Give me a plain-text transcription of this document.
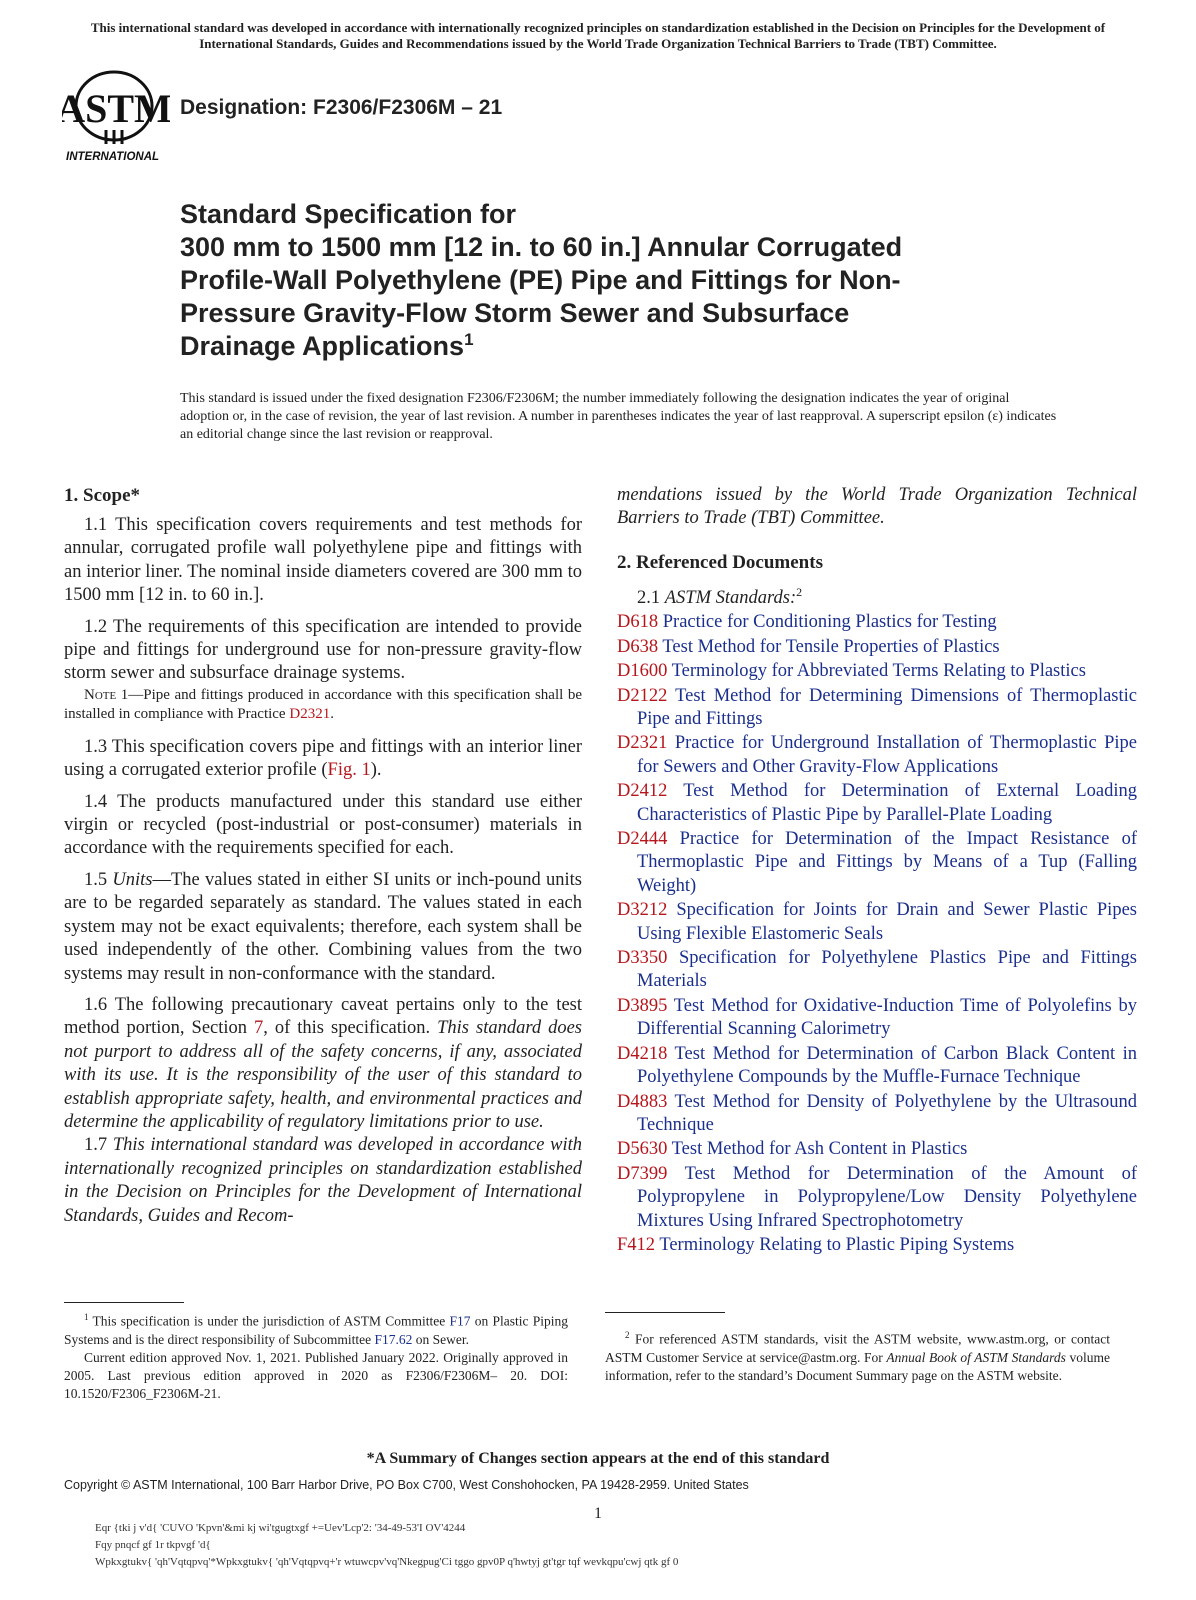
This international standard was developed in accordance with internationally recognized principles on standardization established in the Decision on Principles for the Development of International Standards, Guides and Recommendations issued by the World Trade Organization Technical Barriers to Trade (TBT) Committee.
ASTM
INTERNATIONAL
Designation: F2306/F2306M – 21
Standard Specification for
300 mm to 1500 mm [12 in. to 60 in.] Annular Corrugated
Profile-Wall Polyethylene (PE) Pipe and Fittings for Non-
Pressure Gravity-Flow Storm Sewer and Subsurface
Drainage Applications$^1$
This standard is issued under the fixed designation F2306/F2306M; the number immediately following the designation indicates the year of original adoption or, in the case of revision, the year of last revision. A number in parentheses indicates the year of last reapproval. A superscript epsilon (ε) indicates an editorial change since the last revision or reapproval.
1. Scope*

1.1 This specification covers requirements and test methods for annular, corrugated profile wall polyethylene pipe and fittings with an interior liner. The nominal inside diameters covered are 300 mm to 1500 mm [12 in. to 60 in.].

1.2 The requirements of this specification are intended to provide pipe and fittings for underground use for non-pressure gravity-flow storm sewer and subsurface drainage systems.

Note 1—Pipe and fittings produced in accordance with this specification shall be installed in compliance with Practice D2321.

1.3 This specification covers pipe and fittings with an interior liner using a corrugated exterior profile (Fig. 1).

1.4 The products manufactured under this standard use either virgin or recycled (post-industrial or post-consumer) materials in accordance with the requirements specified for each.

1.5 Units—The values stated in either SI units or inch-pound units are to be regarded separately as standard. The values stated in each system may not be exact equivalents; therefore, each system shall be used independently of the other. Combining values from the two systems may result in non-conformance with the standard.

1.6 The following precautionary caveat pertains only to the test method portion, Section 7, of this specification. This standard does not purport to address all of the safety concerns, if any, associated with its use. It is the responsibility of the user of this standard to establish appropriate safety, health, and environmental practices and determine the applicability of regulatory limitations prior to use.

1.7 This international standard was developed in accordance with internationally recognized principles on standardization established in the Decision on Principles for the Development of International Standards, Guides and Recom-

mendations issued by the World Trade Organization Technical Barriers to Trade (TBT) Committee.

2. Referenced Documents
2.1 ASTM Standards:$^2$
D618 Practice for Conditioning Plastics for Testing
D638 Test Method for Tensile Properties of Plastics
D1600 Terminology for Abbreviated Terms Relating to Plastics
D2122 Test Method for Determining Dimensions of Thermoplastic Pipe and Fittings
D2321 Practice for Underground Installation of Thermoplastic Pipe for Sewers and Other Gravity-Flow Applications
D2412 Test Method for Determination of External Loading Characteristics of Plastic Pipe by Parallel-Plate Loading
D2444 Practice for Determination of the Impact Resistance of Thermoplastic Pipe and Fittings by Means of a Tup (Falling Weight)
D3212 Specification for Joints for Drain and Sewer Plastic Pipes Using Flexible Elastomeric Seals
D3350 Specification for Polyethylene Plastics Pipe and Fittings Materials
D3895 Test Method for Oxidative-Induction Time of Polyolefins by Differential Scanning Calorimetry
D4218 Test Method for Determination of Carbon Black Content in Polyethylene Compounds by the Muffle-Furnace Technique
D4883 Test Method for Density of Polyethylene by the Ultrasound Technique
D5630 Test Method for Ash Content in Plastics
D7399 Test Method for Determination of the Amount of Polypropylene in Polypropylene/Low Density Polyethylene Mixtures Using Infrared Spectrophotometry
F412 Terminology Relating to Plastic Piping Systems
$^1$ This specification is under the jurisdiction of ASTM Committee F17 on Plastic Piping Systems and is the direct responsibility of Subcommittee F17.62 on Sewer.
Current edition approved Nov. 1, 2021. Published January 2022. Originally approved in 2005. Last previous edition approved in 2020 as F2306/F2306M– 20. DOI: 10.1520/F2306_F2306M-21.
$^2$ For referenced ASTM standards, visit the ASTM website, www.astm.org, or contact ASTM Customer Service at service@astm.org. For Annual Book of ASTM Standards volume information, refer to the standard’s Document Summary page on the ASTM website.
*A Summary of Changes section appears at the end of this standard
Copyright © ASTM International, 100 Barr Harbor Drive, PO Box C700, West Conshohocken, PA 19428-2959. United States
1
Eqr {tki j v'd{ 'CUVO 'Kpvn'&mi kj wi'tgugtxgf +=Uev'Lcp'2: '34-49-53'I OV'4244
Fqy pnqcf gf 1r tkpvgf 'd{
Wpkxgtukv{ 'qh'Vqtqpvq'*Wpkxgtukv{ 'qh'Vqtqpvq+'r wtuwcpv'vq'Nkegpug'Ci tggo gpv0P q'hwtyj gt'tgr tqf wevkqpu'cwj qtk gf 0
